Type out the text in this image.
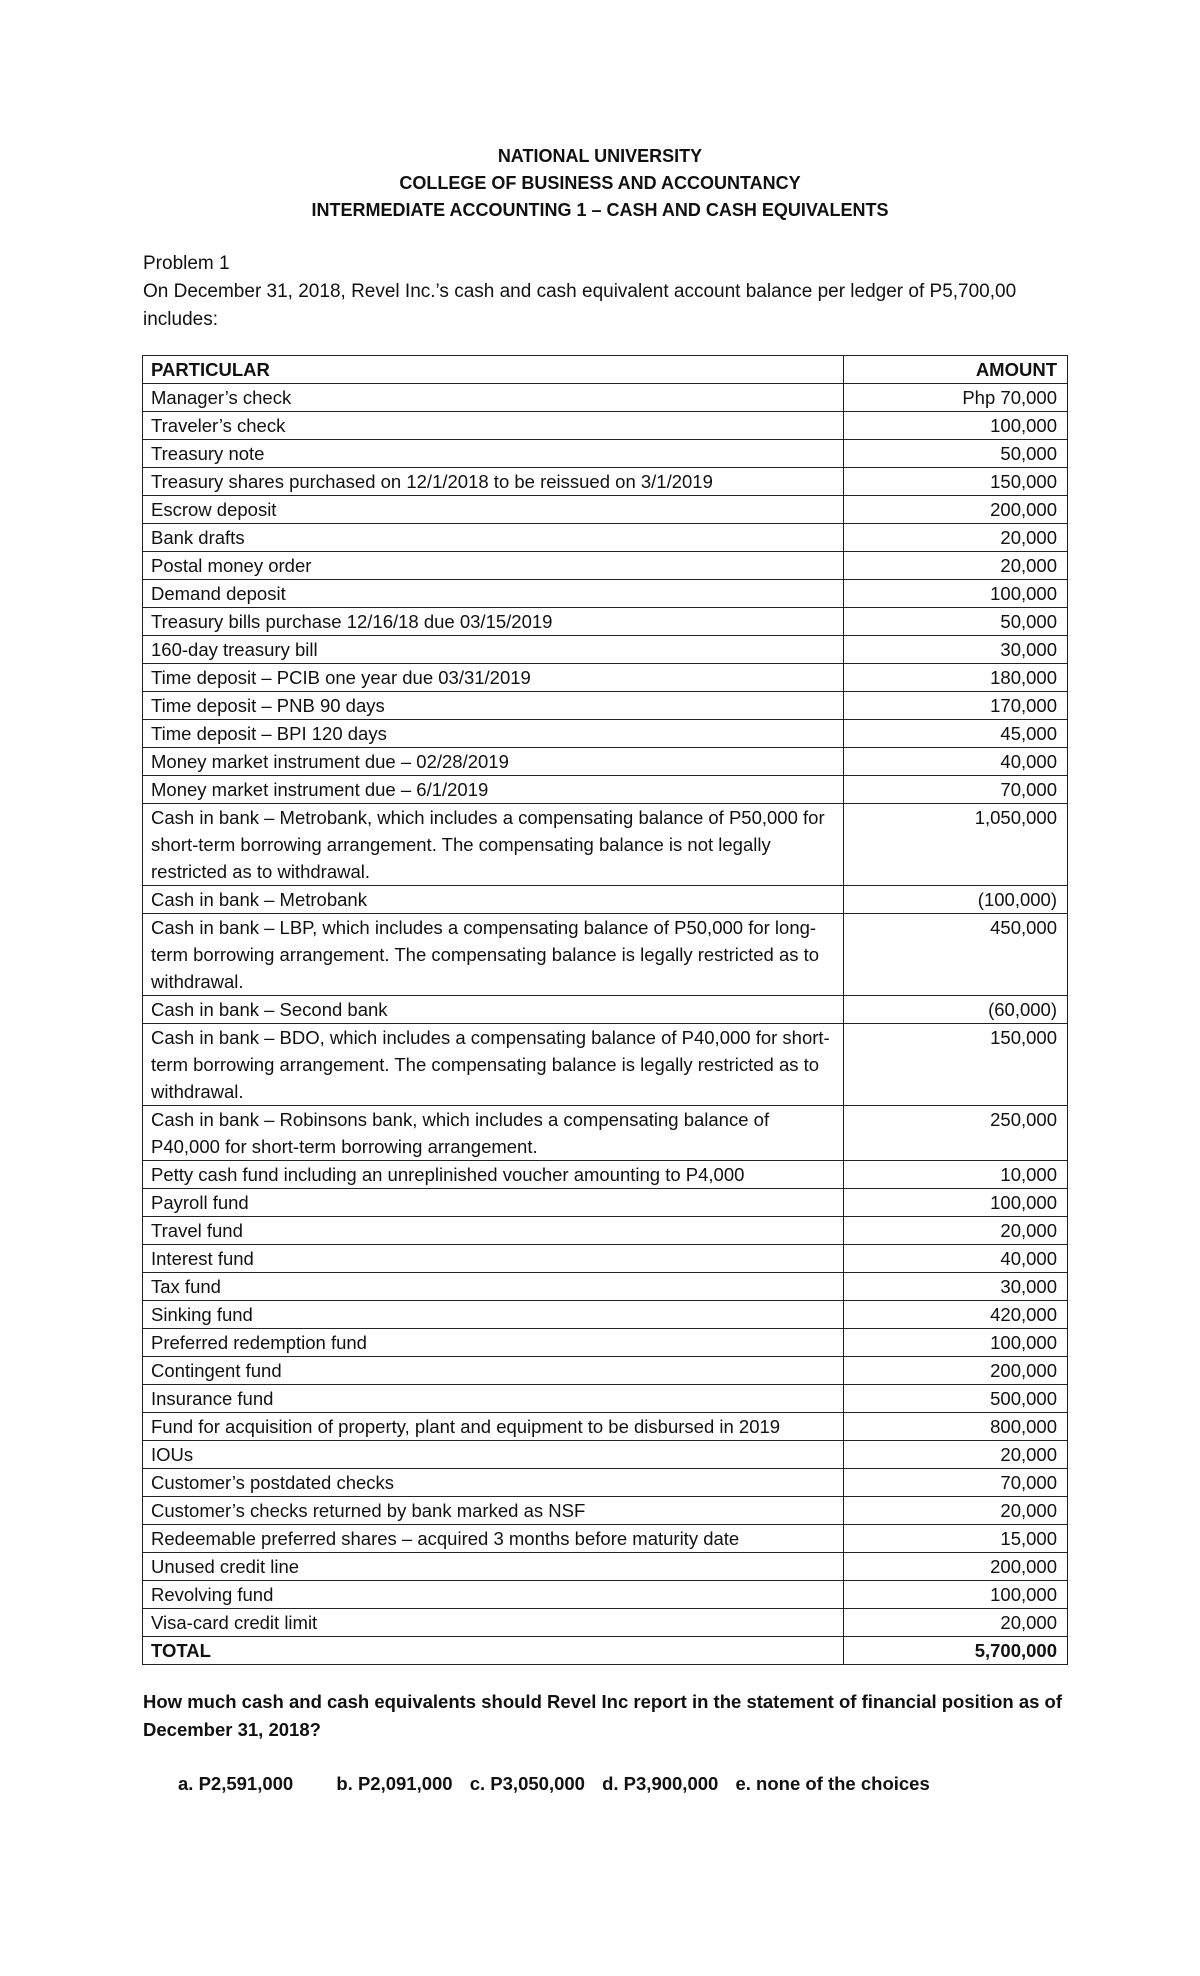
NATIONAL UNIVERSITY
COLLEGE OF BUSINESS AND ACCOUNTANCY
INTERMEDIATE ACCOUNTING 1 – CASH AND CASH EQUIVALENTS
Problem 1
On December 31, 2018, Revel Inc.’s cash and cash equivalent account balance per ledger of P5,700,00 includes:
PARTICULAR	AMOUNT
Manager’s check	Php 70,000
Traveler’s check	100,000
Treasury note	50,000
Treasury shares purchased on 12/1/2018 to be reissued on 3/1/2019	150,000
Escrow deposit	200,000
Bank drafts	20,000
Postal money order	20,000
Demand deposit	100,000
Treasury bills purchase 12/16/18 due 03/15/2019	50,000
160-day treasury bill	30,000
Time deposit – PCIB one year due 03/31/2019	180,000
Time deposit – PNB 90 days	170,000
Time deposit – BPI 120 days	45,000
Money market instrument due – 02/28/2019	40,000
Money market instrument due – 6/1/2019	70,000
Cash in bank – Metrobank, which includes a compensating balance of P50,000 for short-term borrowing arrangement. The compensating balance is not legally restricted as to withdrawal.	1,050,000
Cash in bank – Metrobank	(100,000)
Cash in bank – LBP, which includes a compensating balance of P50,000 for long-term borrowing arrangement. The compensating balance is legally restricted as to withdrawal.	450,000
Cash in bank – Second bank	(60,000)
Cash in bank – BDO, which includes a compensating balance of P40,000 for short-term borrowing arrangement. The compensating balance is legally restricted as to withdrawal.	150,000
Cash in bank – Robinsons bank, which includes a compensating balance of P40,000 for short-term borrowing arrangement.	250,000
Petty cash fund including an unreplinished voucher amounting to P4,000	10,000
Payroll fund	100,000
Travel fund	20,000
Interest fund	40,000
Tax fund	30,000
Sinking fund	420,000
Preferred redemption fund	100,000
Contingent fund	200,000
Insurance fund	500,000
Fund for acquisition of property, plant and equipment to be disbursed in 2019	800,000
IOUs	20,000
Customer’s postdated checks	70,000
Customer’s checks returned by bank marked as NSF	20,000
Redeemable preferred shares – acquired 3 months before maturity date	15,000
Unused credit line	200,000
Revolving fund	100,000
Visa-card credit limit	20,000
TOTAL	5,700,000
How much cash and cash equivalents should Revel Inc report in the statement of financial position as of December 31, 2018?
a. P2,591,000 b. P2,091,000 c. P3,050,000 d. P3,900,000 e. none of the choices
